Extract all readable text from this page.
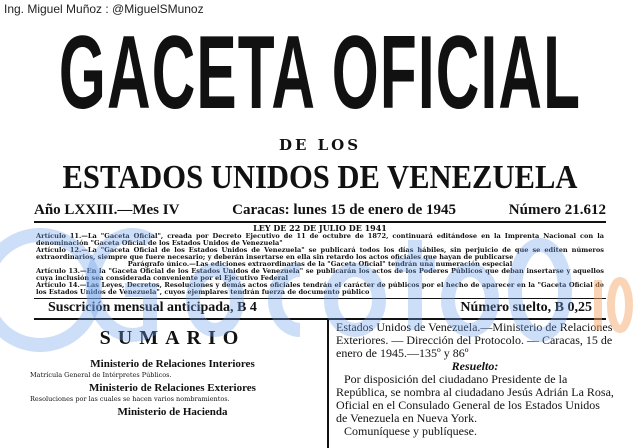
Ing. Miguel Muñoz : @MiguelSMunoz
GACETA OFICIAL
DE LOS
ESTADOS UNIDOS DE VENEZUELA
Año LXXIII.—Mes IV	Caracas: lunes 15 de enero de 1945	Número 21.612
LEY DE 22 DE JULIO DE 1941

Artículo 11.—La "Gaceta Oficial", creada por Decreto Ejecutivo de 11 de octubre de 1872, continuará editándose en la Imprenta Nacional con la denominación "Gaceta Oficial de los Estados Unidos de Venezuela"

Artículo 12.—La "Gaceta Oficial de los Estados Unidos de Venezuela" se publicará todos los días hábiles, sin perjuicio de que se editen números extraordinarios, siempre que fuere necesario; y deberán insertarse en ella sin retardo los actos oficiales que hayan de publicarse

Parágrafo único.—Las ediciones extraordinarias de la "Gaceta Oficial" tendrán una numeración especial

Artículo 13.—En la "Gaceta Oficial de los Estados Unidos de Venezuela" se publicarán los actos de los Poderes Públicos que deban insertarse y aquellos cuya inclusión sea considerada conveniente por el Ejecutivo Federal

Artículo 14.—Las Leyes, Decretos, Resoluciones y demás actos oficiales tendrán el carácter de públicos por el hecho de aparecer en la "Gaceta Oficial de los Estados Unidos de Venezuela", cuyos ejemplares tendrán fuerza de documento público

Suscrición mensual anticipada, B 4	Número suelto, B 0,25
SUMARIO
Ministerio de Relaciones Interiores
Matrícula General de Intérpretes Públicos.
Ministerio de Relaciones Exteriores
Resoluciones por las cuales se hacen varios nombramientos.
Ministerio de Hacienda

Estados Unidos de Venezuela.—Ministerio de Relaciones Exteriores. — Dirección del Protocolo. — Caracas, 15 de enero de 1945.—135º y 86º

Resuelto:

Por disposición del ciudadano Presidente de la República, se nombra al ciudadano Jesús Adrián La Rosa, Oficial en el Consulado General de los Estados Unidos de Venezuela en Nueva York.

Comuníquese y publíquese.
